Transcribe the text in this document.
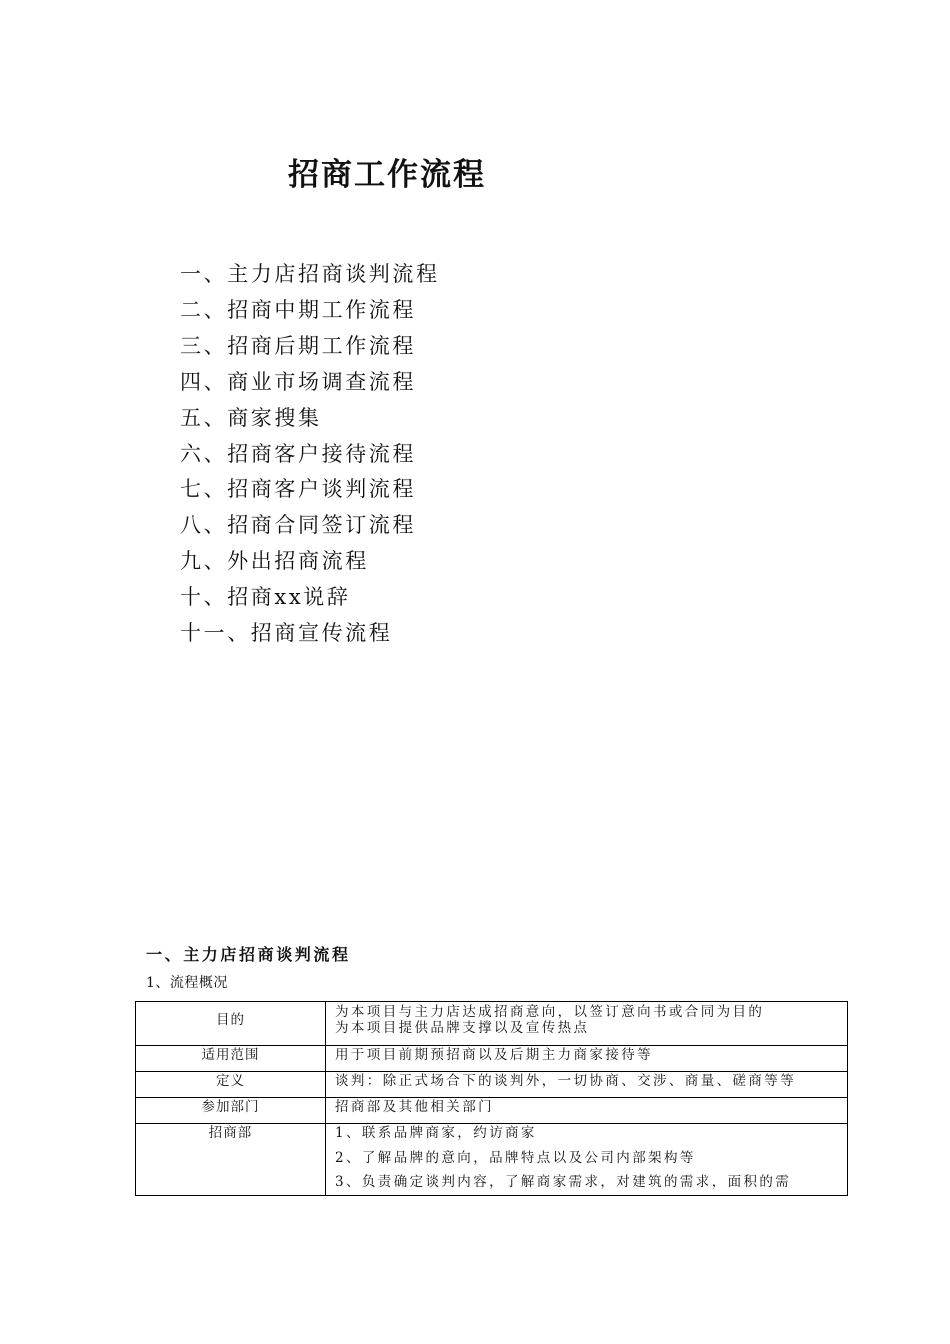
招商工作流程
一、主力店招商谈判流程
二、招商中期工作流程
三、招商后期工作流程
四、商业市场调查流程
五、商家搜集
六、招商客户接待流程
七、招商客户谈判流程
八、招商合同签订流程
九、外出招商流程
十、招商xx说辞
十一、招商宣传流程
一、主力店招商谈判流程
1、流程概况
目的	为本项目与主力店达成招商意向，以签订意向书或合同为目的
为本项目提供品牌支撑以及宣传热点

适用范围	用于项目前期预招商以及后期主力商家接待等
定义	谈判：除正式场合下的谈判外，一切协商、交涉、商量、磋商等等
参加部门	招商部及其他相关部门
招商部	1、联系品牌商家，约访商家
2、了解品牌的意向，品牌特点以及公司内部架构等
3、负责确定谈判内容，了解商家需求，对建筑的需求，面积的需
